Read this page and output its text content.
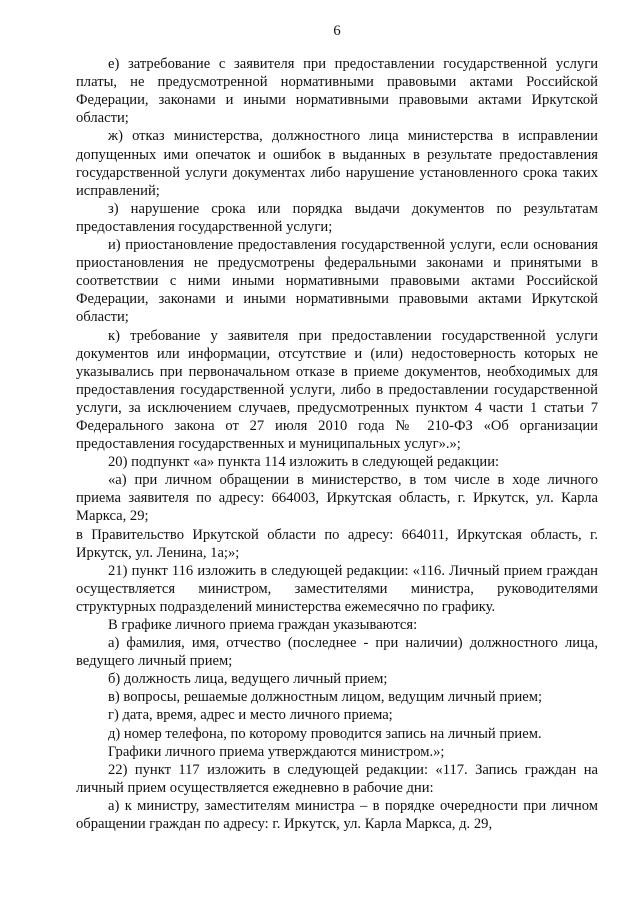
6

е) затребование с заявителя при предоставлении государственной услуги платы, не предусмотренной нормативными правовыми актами Российской Федерации, законами и иными нормативными правовыми актами Иркутской области;

ж) отказ министерства, должностного лица министерства в исправлении допущенных ими опечаток и ошибок в выданных в результате предоставления государственной услуги документах либо нарушение установленного срока таких исправлений;

з) нарушение срока или порядка выдачи документов по результатам предоставления государственной услуги;

и) приостановление предоставления государственной услуги, если основания приостановления не предусмотрены федеральными законами и принятыми в соответствии с ними иными нормативными правовыми актами Российской Федерации, законами и иными нормативными правовыми актами Иркутской области;

к) требование у заявителя при предоставлении государственной услуги документов или информации, отсутствие и (или) недостоверность которых не указывались при первоначальном отказе в приеме документов, необходимых для предоставления государственной услуги, либо в предоставлении государственной услуги, за исключением случаев, предусмотренных пунктом 4 части 1 статьи 7 Федерального закона от 27 июля 2010 года № 210-ФЗ «Об организации предоставления государственных и муниципальных услуг».»;

20) подпункт «а» пункта 114 изложить в следующей редакции:

«а) при личном обращении в министерство, в том числе в ходе личного приема заявителя по адресу: 664003, Иркутская область, г. Иркутск, ул. Карла Маркса, 29;

в Правительство Иркутской области по адресу: 664011, Иркутская область, г. Иркутск, ул. Ленина, 1а;»;

21) пункт 116 изложить в следующей редакции: «116. Личный прием граждан осуществляется министром, заместителями министра, руководителями структурных подразделений министерства ежемесячно по графику.

В графике личного приема граждан указываются:

а) фамилия, имя, отчество (последнее - при наличии) должностного лица, ведущего личный прием;

б) должность лица, ведущего личный прием;

в) вопросы, решаемые должностным лицом, ведущим личный прием;

г) дата, время, адрес и место личного приема;

д) номер телефона, по которому проводится запись на личный прием.

Графики личного приема утверждаются министром.»;

22) пункт 117 изложить в следующей редакции: «117. Запись граждан на личный прием осуществляется ежедневно в рабочие дни:

а) к министру, заместителям министра – в порядке очередности при личном обращении граждан по адресу: г. Иркутск, ул. Карла Маркса, д. 29,
